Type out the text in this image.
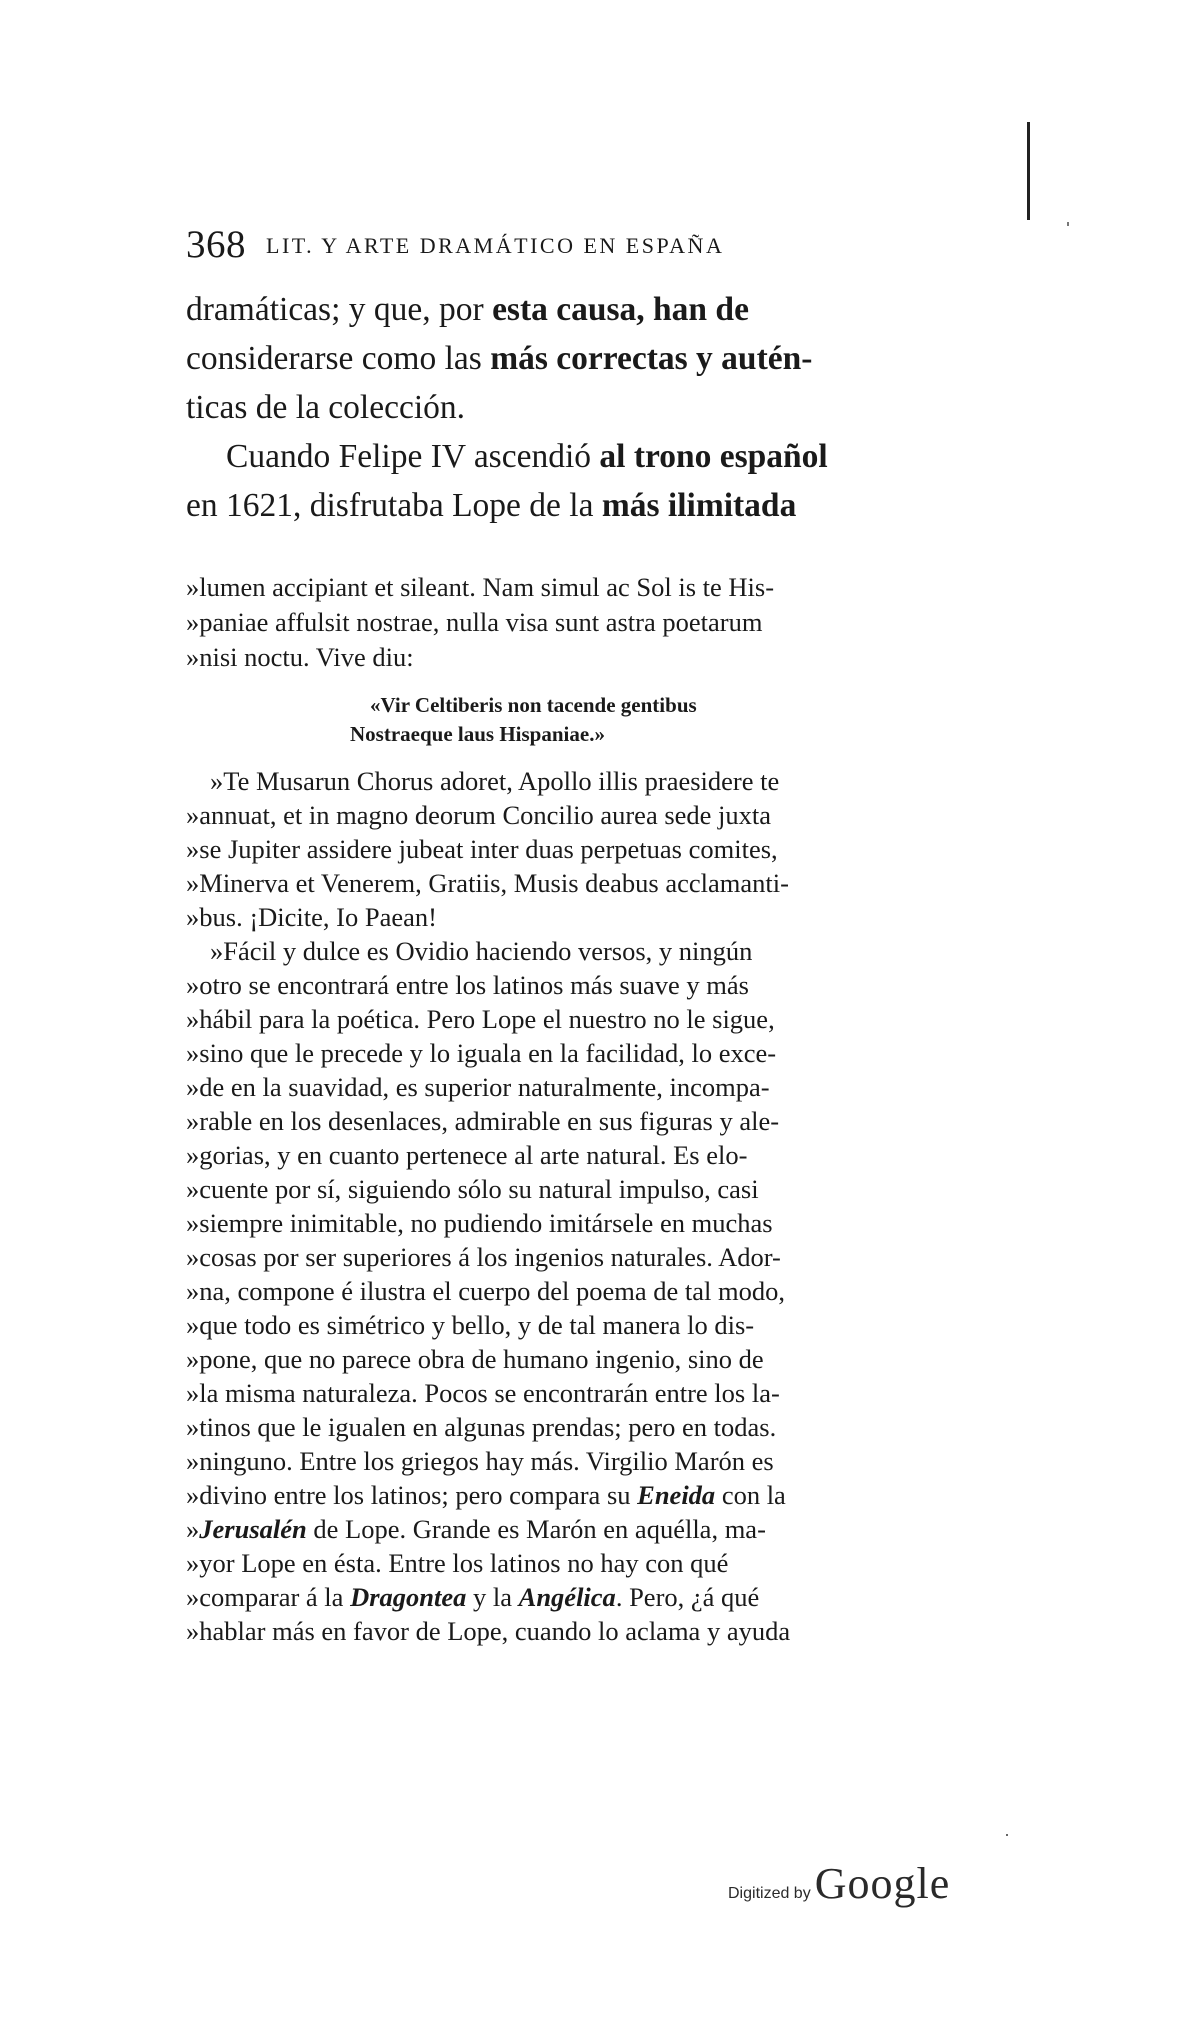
368 LIT. Y ARTE DRAMÁTICO EN ESPAÑA
dramáticas; y que, por esta causa, han de
considerarse como las más correctas y autén-
ticas de la colección.
Cuando Felipe IV ascendió al trono español
en 1621, disfrutaba Lope de la más ilimitada
»lumen accipiant et sileant. Nam simul ac Sol is te His-
»paniae affulsit nostrae, nulla visa sunt astra poetarum
»nisi noctu. Vive diu:
«Vir Celtiberis non tacende gentibus
Nostraeque laus Hispaniae.»
»Te Musarun Chorus adoret, Apollo illis praesidere te
»annuat, et in magno deorum Concilio aurea sede juxta
»se Jupiter assidere jubeat inter duas perpetuas comites,
»Minerva et Venerem, Gratiis, Musis deabus acclamanti-
»bus. ¡Dicite, Io Paean!
»Fácil y dulce es Ovidio haciendo versos, y ningún
»otro se encontrará entre los latinos más suave y más
»hábil para la poética. Pero Lope el nuestro no le sigue,
»sino que le precede y lo iguala en la facilidad, lo exce-
»de en la suavidad, es superior naturalmente, incompa-
»rable en los desenlaces, admirable en sus figuras y ale-
»gorias, y en cuanto pertenece al arte natural. Es elo-
»cuente por sí, siguiendo sólo su natural impulso, casi
»siempre inimitable, no pudiendo imitársele en muchas
»cosas por ser superiores á los ingenios naturales. Ador-
»na, compone é ilustra el cuerpo del poema de tal modo,
»que todo es simétrico y bello, y de tal manera lo dis-
»pone, que no parece obra de humano ingenio, sino de
»la misma naturaleza. Pocos se encontrarán entre los la-
»tinos que le igualen en algunas prendas; pero en todas.
»ninguno. Entre los griegos hay más. Virgilio Marón es
»divino entre los latinos; pero compara su Eneida con la
»Jerusalén de Lope. Grande es Marón en aquélla, ma-
»yor Lope en ésta. Entre los latinos no hay con qué
»comparar á la Dragontea y la Angélica. Pero, ¿á qué
»hablar más en favor de Lope, cuando lo aclama y ayuda
Digitized byGoogle
